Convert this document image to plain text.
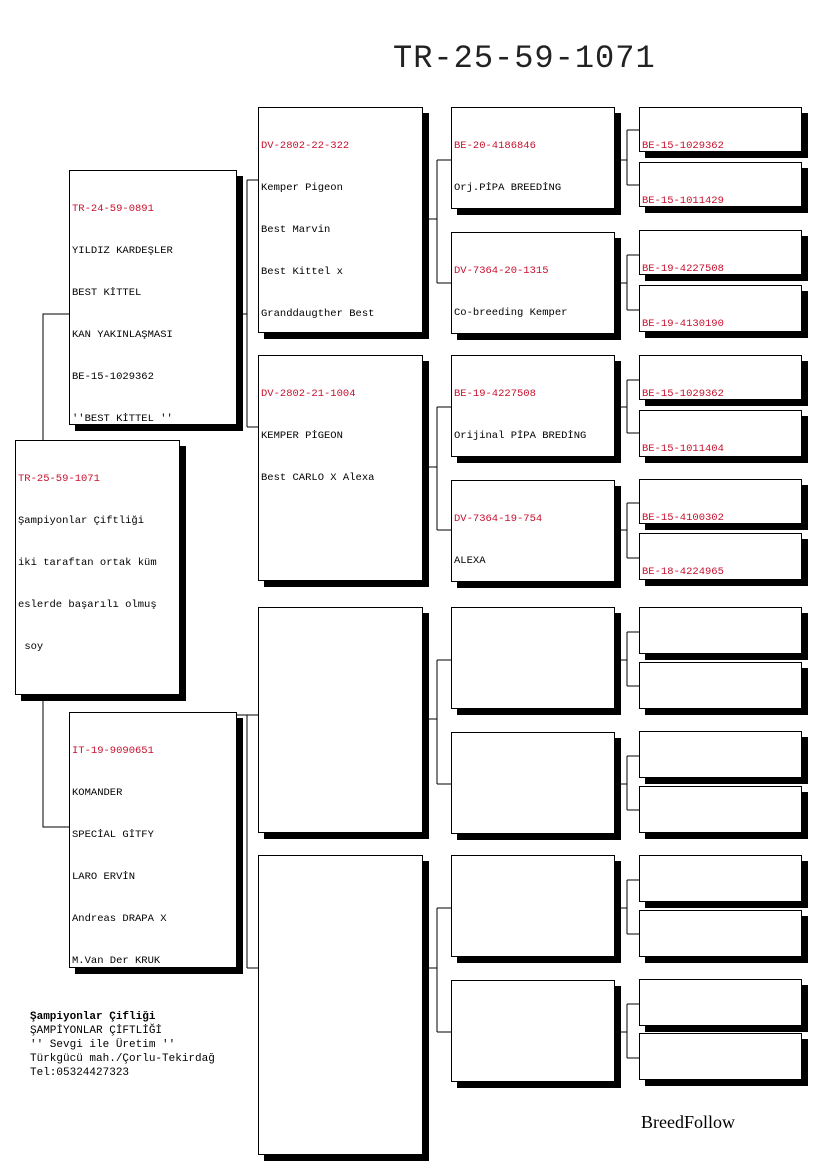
TR-25-59-1071

TR-25-59-1071

Şampiyonlar Çiftliği

iki taraftan ortak küm

eslerde başarılı olmuş

soy

TR-24-59-0891

YILDIZ KARDEŞLER

BEST KİTTEL

KAN YAKINLAŞMASI

BE-15-1029362

''BEST KİTTEL ''

IT-19-9090651

KOMANDER

SPECİAL GİTFY

LARO ERVİN

Andreas DRAPA X

M.Van Der KRUK

DV-2802-22-322

Kemper Pigeon

Best Marvin

Best Kittel x

Granddaugther Best

DV-2802-21-1004

KEMPER PİGEON

Best CARLO X Alexa

BE-20-4186846

Orj.PİPA BREEDİNG

DV-7364-20-1315

Co-breeding Kemper

BE-19-4227508

Orijinal PİPA BREDİNG

DV-7364-19-754

ALEXA

BE-15-1029362

BE-15-1011429

BE-19-4227508

BE-19-4130190

BE-15-1029362

BE-15-1011404

BE-15-4100302

BE-18-4224965

Şampiyonlar Çifliği
ŞAMPİYONLAR ÇİFTLİĞİ
'' Sevgi ile Üretim ''
Türkgücü mah./Çorlu-Tekirdağ
Tel:05324427323
BreedFollow
